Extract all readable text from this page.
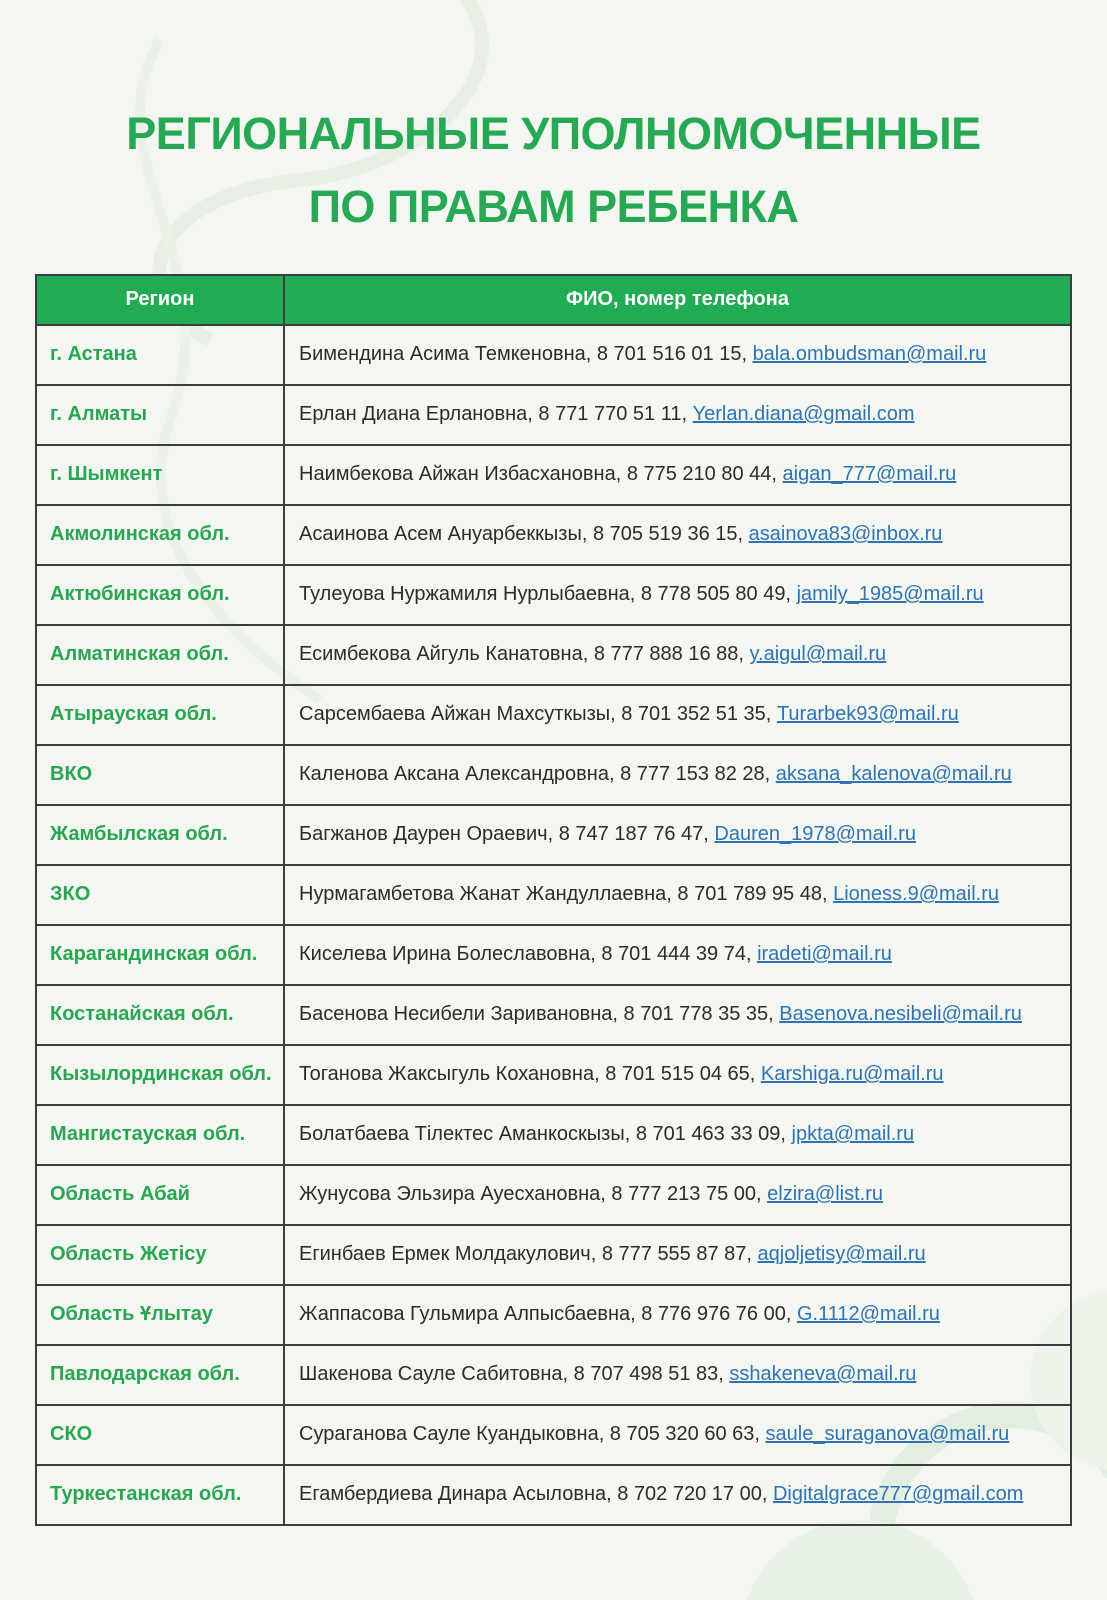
РЕГИОНАЛЬНЫЕ УПОЛНОМОЧЕННЫЕ
ПО ПРАВАМ РЕБЕНКА
Регион	ФИО, номер телефона
г. Астана	Бимендина Асима Темкеновна, 8 701 516 01 15, bala.ombudsman@mail.ru
г. Алматы	Ерлан Диана Ерлановна, 8 771 770 51 11, Yerlan.diana@gmail.com
г. Шымкент	Наимбекова Айжан Избасхановна, 8 775 210 80 44, aigan_777@mail.ru
Акмолинская обл.	Асаинова Асем Ануарбеккызы, 8 705 519 36 15, asainova83@inbox.ru
Актюбинская обл.	Тулеуова Нуржамиля Нурлыбаевна, 8 778 505 80 49, jamily_1985@mail.ru
Алматинская обл.	Есимбекова Айгуль Канатовна, 8 777 888 16 88, y.aigul@mail.ru
Атырауская обл.	Сарсембаева Айжан Махсуткызы, 8 701 352 51 35, Turarbek93@mail.ru
ВКО	Каленова Аксана Александровна, 8 777 153 82 28, aksana_kalenova@mail.ru
Жамбылская обл.	Багжанов Даурен Ораевич, 8 747 187 76 47, Dauren_1978@mail.ru
ЗКО	Нурмагамбетова Жанат Жандуллаевна, 8 701 789 95 48, Lioness.9@mail.ru
Карагандинская обл.	Киселева Ирина Болеславовна, 8 701 444 39 74, iradeti@mail.ru
Костанайская обл.	Басенова Несибели Заривановна, 8 701 778 35 35, Basenova.nesibeli@mail.ru
Кызылординская обл.	Тоганова Жаксыгуль Кохановна, 8 701 515 04 65, Karshiga.ru@mail.ru
Мангистауская обл.	Болатбаева Тілектес Аманкоскызы, 8 701 463 33 09, jpkta@mail.ru
Область Абай	Жунусова Эльзира Ауесхановна, 8 777 213 75 00, elzira@list.ru
Область Жетісу	Егинбаев Ермек Молдакулович, 8 777 555 87 87, aqjoljetisy@mail.ru
Область Ұлытау	Жаппасова Гульмира Алпысбаевна, 8 776 976 76 00, G.1112@mail.ru
Павлодарская обл.	Шакенова Сауле Сабитовна, 8 707 498 51 83, sshakeneva@mail.ru
СКО	Сураганова Сауле Куандыковна, 8 705 320 60 63, saule_suraganova@mail.ru
Туркестанская обл.	Егамбердиева Динара Асыловна, 8 702 720 17 00, Digitalgrace777@gmail.com
